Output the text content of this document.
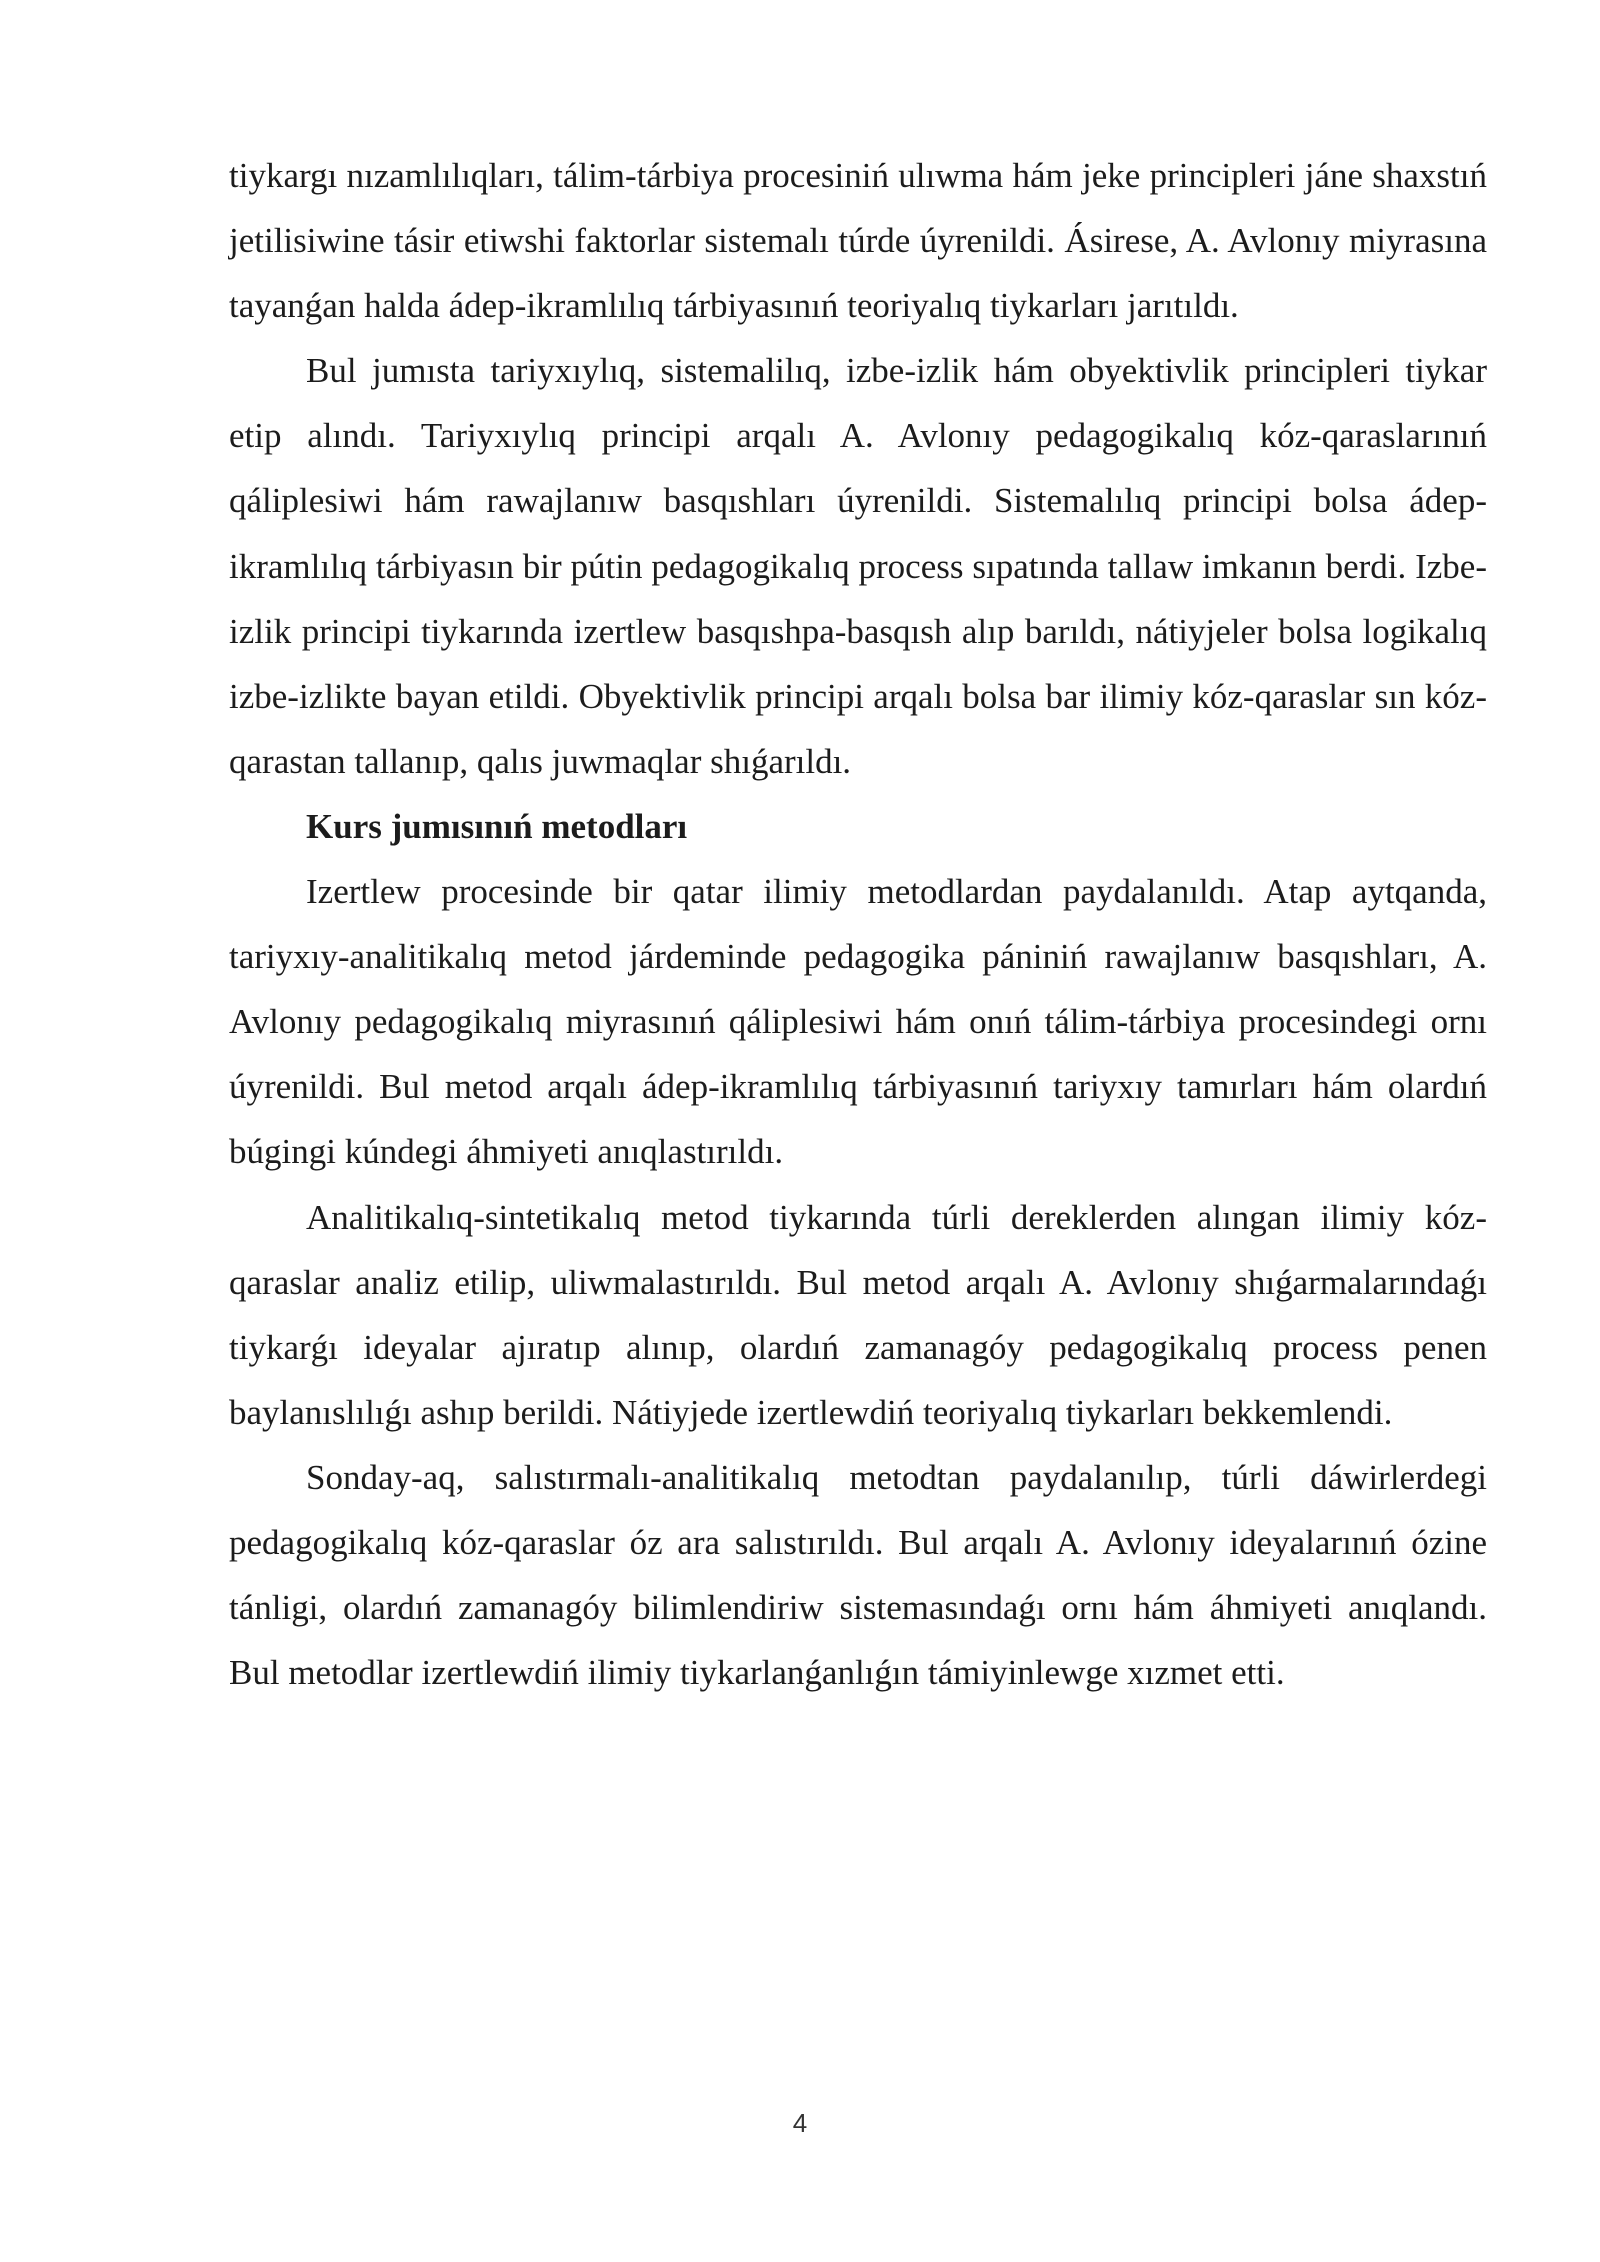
tiykargı nızamlılıqları, tálim-tárbiya procesiniń ulıwma hám jeke principleri jáne shaxstıń jetilisiwine tásir etiwshi faktorlar sistemalı túrde úyrenildi. Ásirese, A. Avlonıy miyrasına tayanǵan halda ádep-ikramlılıq tárbiyasınıń teoriyalıq tiykarları jarıtıldı.

Bul jumısta tariyxıylıq, sistemalilıq, izbe-izlik hám obyektivlik principleri tiykar etip alındı. Tariyxıylıq principi arqalı A. Avlonıy pedagogikalıq kóz-qaraslarınıń qáliplesiwi hám rawajlanıw basqıshları úyrenildi. Sistemalılıq principi bolsa ádep-ikramlılıq tárbiyasın bir pútin pedagogikalıq process sıpatında tallaw imkanın berdi. Izbe-izlik principi tiykarında izertlew basqıshpa-basqısh alıp barıldı, nátiyjeler bolsa logikalıq izbe-izlikte bayan etildi. Obyektivlik principi arqalı bolsa bar ilimiy kóz-qaraslar sın kóz-qarastan tallanıp, qalıs juwmaqlar shıǵarıldı.

Kurs jumısınıń metodları

Izertlew procesinde bir qatar ilimiy metodlardan paydalanıldı. Atap aytqanda, tariyxıy-analitikalıq metod járdeminde pedagogika pániniń rawajlanıw basqıshları, A. Avlonıy pedagogikalıq miyrasınıń qáliplesiwi hám onıń tálim-tárbiya procesindegi ornı úyrenildi. Bul metod arqalı ádep-ikramlılıq tárbiyasınıń tariyxıy tamırları hám olardıń búgingi kúndegi áhmiyeti anıqlastırıldı.

Analitikalıq-sintetikalıq metod tiykarında túrli dereklerden alıngan ilimiy kóz-qaraslar analiz etilip, uliwmalastırıldı. Bul metod arqalı A. Avlonıy shıǵarmalarındaǵı tiykarǵı ideyalar ajıratıp alınıp, olardıń zamanagóy pedagogikalıq process penen baylanıslılıǵı ashıp berildi. Nátiyjede izertlewdiń teoriyalıq tiykarları bekkemlendi.

Sonday-aq, salıstırmalı-analitikalıq metodtan paydalanılıp, túrli dáwirlerdegi pedagogikalıq kóz-qaraslar óz ara salıstırıldı. Bul arqalı A. Avlonıy ideyalarınıń ózine tánligi, olardıń zamanagóy bilimlendiriw sistemasındaǵı ornı hám áhmiyeti anıqlandı. Bul metodlar izertlewdiń ilimiy tiykarlanǵanlıǵın támiyinlewge xızmet etti.

4
